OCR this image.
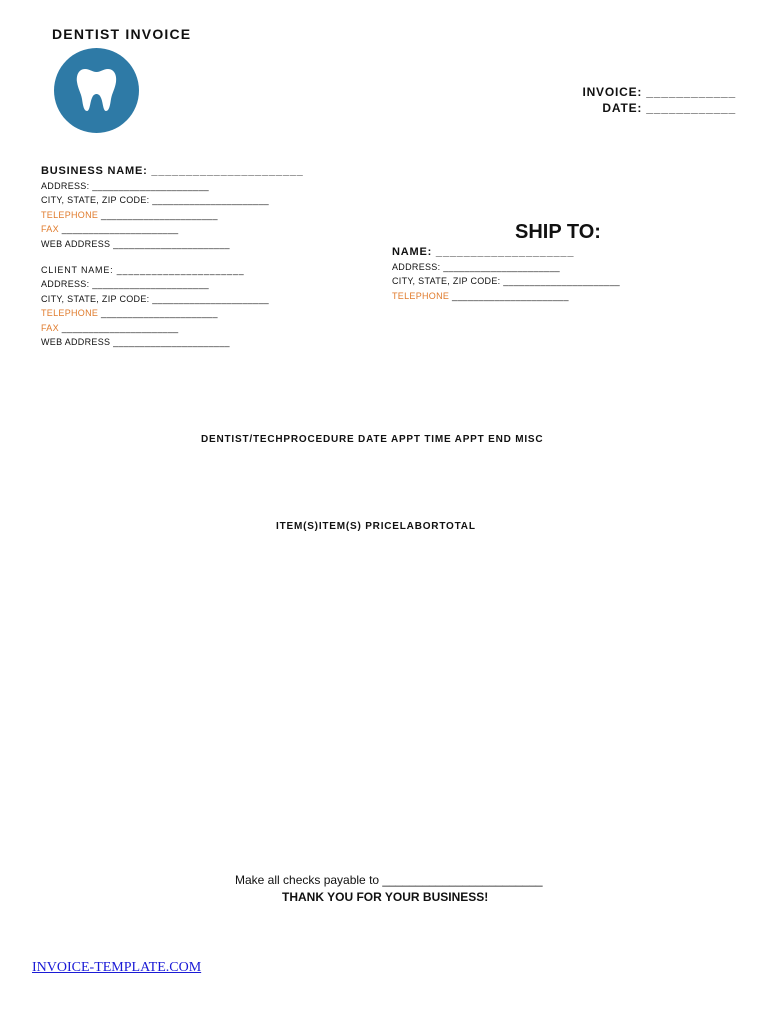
DENTIST INVOICE
INVOICE: ____________
DATE: ____________
BUSINESS NAME: ______________________
ADDRESS: ______________________
CITY, STATE, ZIP CODE: ______________________
TELEPHONE ______________________
FAX ______________________
WEB ADDRESS ______________________
CLIENT NAME: ______________________
ADDRESS: ______________________
CITY, STATE, ZIP CODE: ______________________
TELEPHONE ______________________
FAX ______________________
WEB ADDRESS ______________________
SHIP TO:
NAME: ____________________
ADDRESS: ______________________
CITY, STATE, ZIP CODE: ______________________
TELEPHONE ______________________
DENTIST/TECHPROCEDURE DATE APPT TIME APPT END MISC
ITEM(S)ITEM(S) PRICELABORTOTAL
Make all checks payable to ________________________
THANK YOU FOR YOUR BUSINESS!
INVOICE-TEMPLATE.COM
